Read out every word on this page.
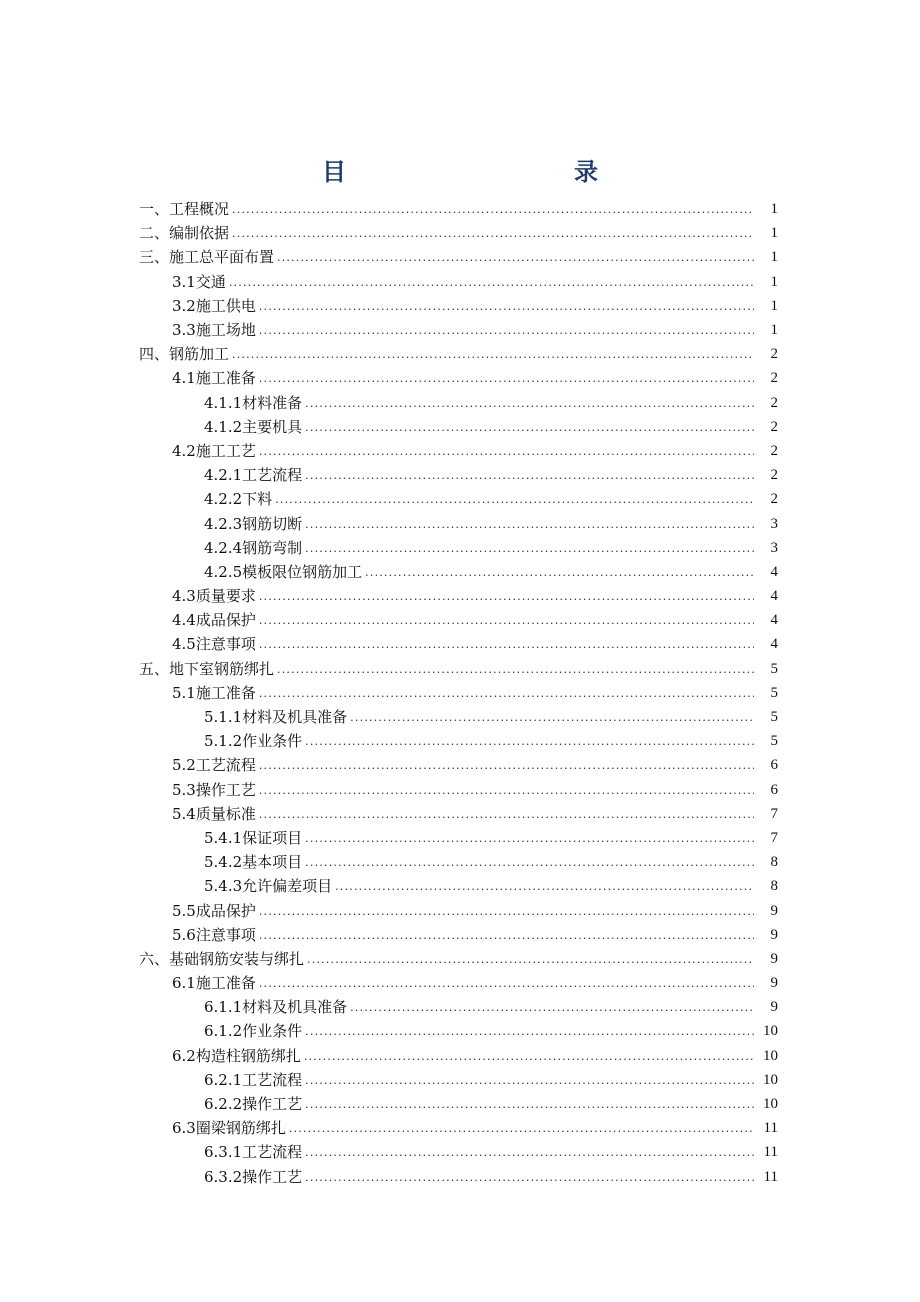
目　　录
一、工程概况 .....	1
二、编制依据 .....	1
三、施工总平面布置 .....	1
3.1交通 .....	1
3.2施工供电 .....	1
3.3施工场地 .....	1
四、钢筋加工 .....	2
4.1施工准备 .....	2
4.1.1材料准备 .....	2
4.1.2主要机具 .....	2
4.2施工工艺 .....	2
4.2.1工艺流程 .....	2
4.2.2下料 .....	2
4.2.3钢筋切断 .....	3
4.2.4钢筋弯制 .....	3
4.2.5模板限位钢筋加工 .....	4
4.3质量要求 .....	4
4.4成品保护 .....	4
4.5注意事项 .....	4
五、地下室钢筋绑扎 .....	5
5.1施工准备 .....	5
5.1.1材料及机具准备 .....	5
5.1.2作业条件 .....	5
5.2工艺流程 .....	6
5.3操作工艺 .....	6
5.4质量标准 .....	7
5.4.1保证项目 .....	7
5.4.2基本项目 .....	8
5.4.3允许偏差项目 .....	8
5.5成品保护 .....	9
5.6注意事项 .....	9
六、基础钢筋安装与绑扎 .....	9
6.1施工准备 .....	9
6.1.1材料及机具准备 .....	9
6.1.2作业条件 .....	10
6.2构造柱钢筋绑扎 .....	10
6.2.1工艺流程 .....	10
6.2.2操作工艺 .....	10
6.3圈梁钢筋绑扎 .....	11
6.3.1工艺流程 .....	11
6.3.2操作工艺 .....	11
